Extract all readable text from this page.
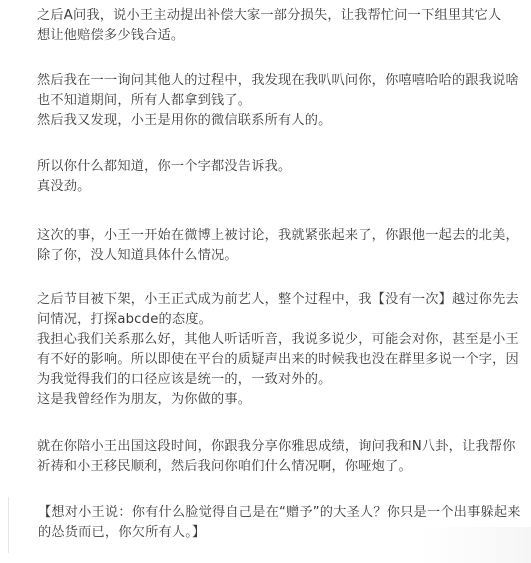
之后A问我，说小王主动提出补偿大家一部分损失，让我帮忙问一下组里其它人
想让他赔偿多少钱合适。
然后我在一一询问其他人的过程中，我发现在我叭叭问你，你嘻嘻哈哈的跟我说啥
也不知道期间，所有人都拿到钱了。
然后我又发现，小王是用你的微信联系所有人的。
所以你什么都知道，你一个字都没告诉我。
真没劲。
这次的事，小王一开始在微博上被讨论，我就紧张起来了，你跟他一起去的北美，
除了你，没人知道具体什么情况。
之后节目被下架，小王正式成为前艺人，整个过程中，我【没有一次】越过你先去
问情况，打探abcde的态度。
我担心我们关系那么好，其他人听话听音，我说多说少，可能会对你，甚至是小王
有不好的影响。所以即使在平台的质疑声出来的时候我也没在群里多说一个字，因
为我觉得我们的口径应该是统一的，一致对外的。
这是我曾经作为朋友，为你做的事。
就在你陪小王出国这段时间，你跟我分享你雅思成绩，询问我和N八卦，让我帮你
祈祷和小王移民顺利，然后我问你咱们什么情况啊，你哑炮了。
【想对小王说：你有什么脸觉得自己是在“赠予”的大圣人？你只是一个出事躲起来
的怂货而已，你欠所有人。】
